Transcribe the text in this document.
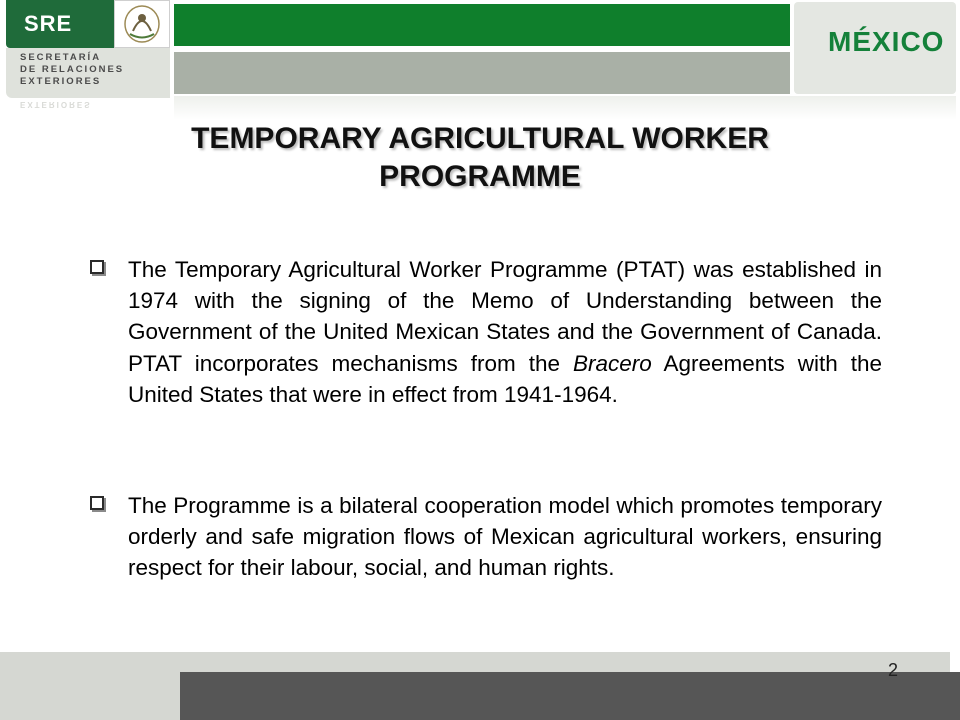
SRE
SECRETARÍA
DE RELACIONES
EXTERIORES
EXTERIORES
MÉXICO
TEMPORARY AGRICULTURAL WORKER
PROGRAMME
The Temporary Agricultural Worker Programme (PTAT) was established in 1974 with the signing of the Memo of Understanding between the Government of the United Mexican States and the Government of Canada. PTAT incorporates mechanisms from the Bracero Agreements with the United States that were in effect from 1941-1964.
The Programme is a bilateral cooperation model which promotes temporary orderly and safe migration flows of Mexican agricultural workers, ensuring respect for their labour, social, and human rights.
2
